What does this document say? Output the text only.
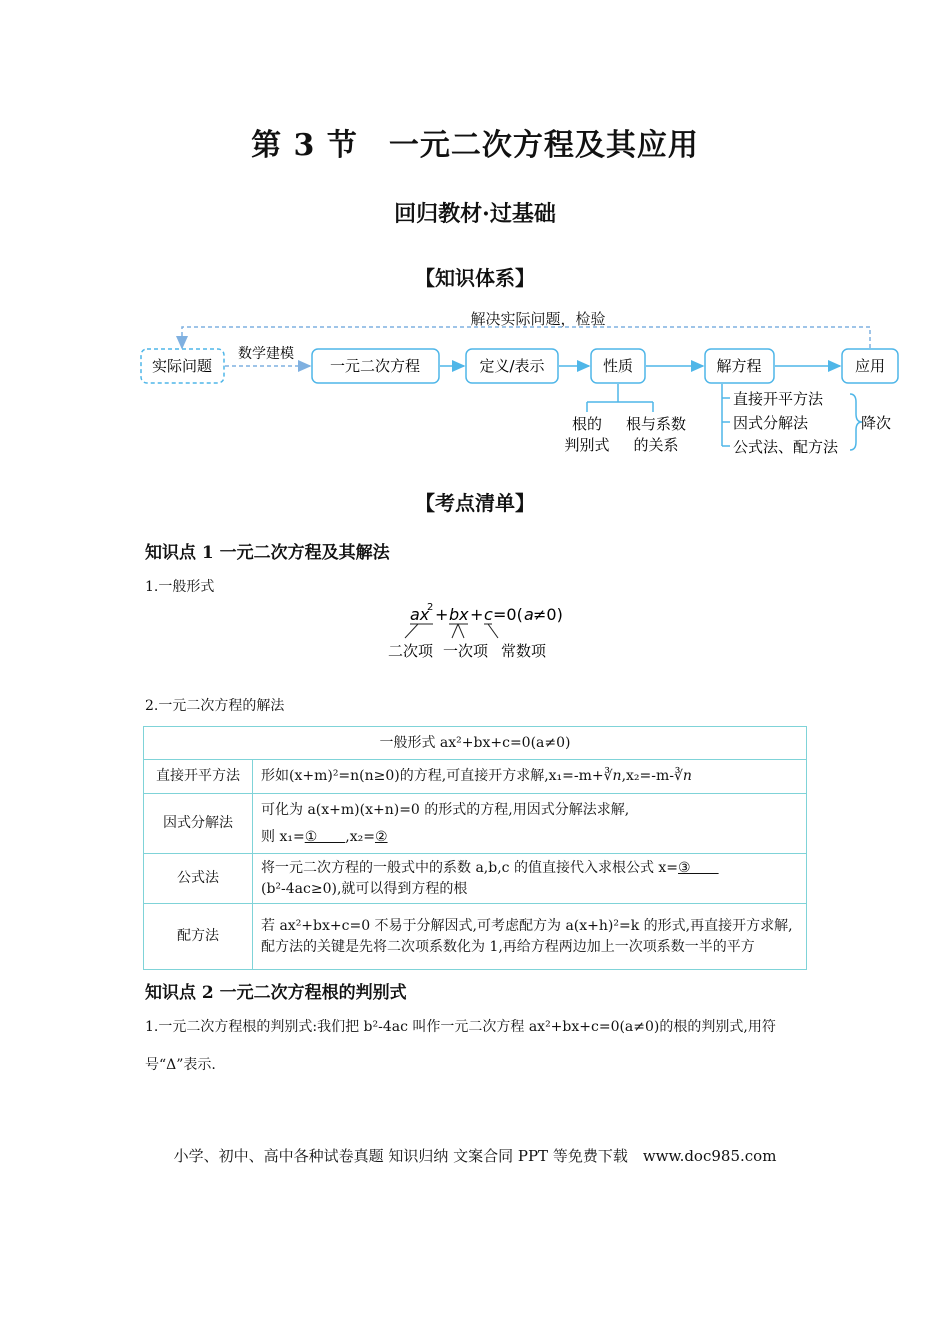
第 3 节　一元二次方程及其应用
回归教材·过基础
【知识体系】
解决实际问题，检验
实际问题	一元二次方程	定义/表示	性质	解方程	应用
数学建模
根的
判别式
根与系数
的关系
直接开平方法
因式分解法
公式法、配方法
降次
【考点清单】
知识点 1 一元二次方程及其解法
1.一般形式
ax
2 + bx + c =0( a ≠0)
二次项 一次项 常数项
2.一元二次方程的解法
一般形式 ax²+bx+c=0(a≠0)	
直接开平方法	形如(x+m)²=n(n≥0)的方程,可直接开方求解,x₁=-m+∛n,x₂=-m-∛n
因式分解法	可化为 a(x+m)(x+n)=0 的形式的方程,用因式分解法求解,
则 x₁=①　　,x₂=②

公式法	将一元二次方程的一般式中的系数 a,b,c 的值直接代入求根公式 x=③　　(b²-4ac≥0),就可以得到方程的根
配方法	若 ax²+bx+c=0 不易于分解因式,可考虑配方为 a(x+h)²=k 的形式,再直接开方求解,配方法的关键是先将二次项系数化为 1,再给方程两边加上一次项系数一半的平方
知识点 2 一元二次方程根的判别式
1.一元二次方程根的判别式:我们把 b²-4ac 叫作一元二次方程 ax²+bx+c=0(a≠0)的根的判别式,用符
号“Δ”表示.
小学、初中、高中各种试卷真题 知识归纳 文案合同 PPT 等免费下载　www.doc985.com
